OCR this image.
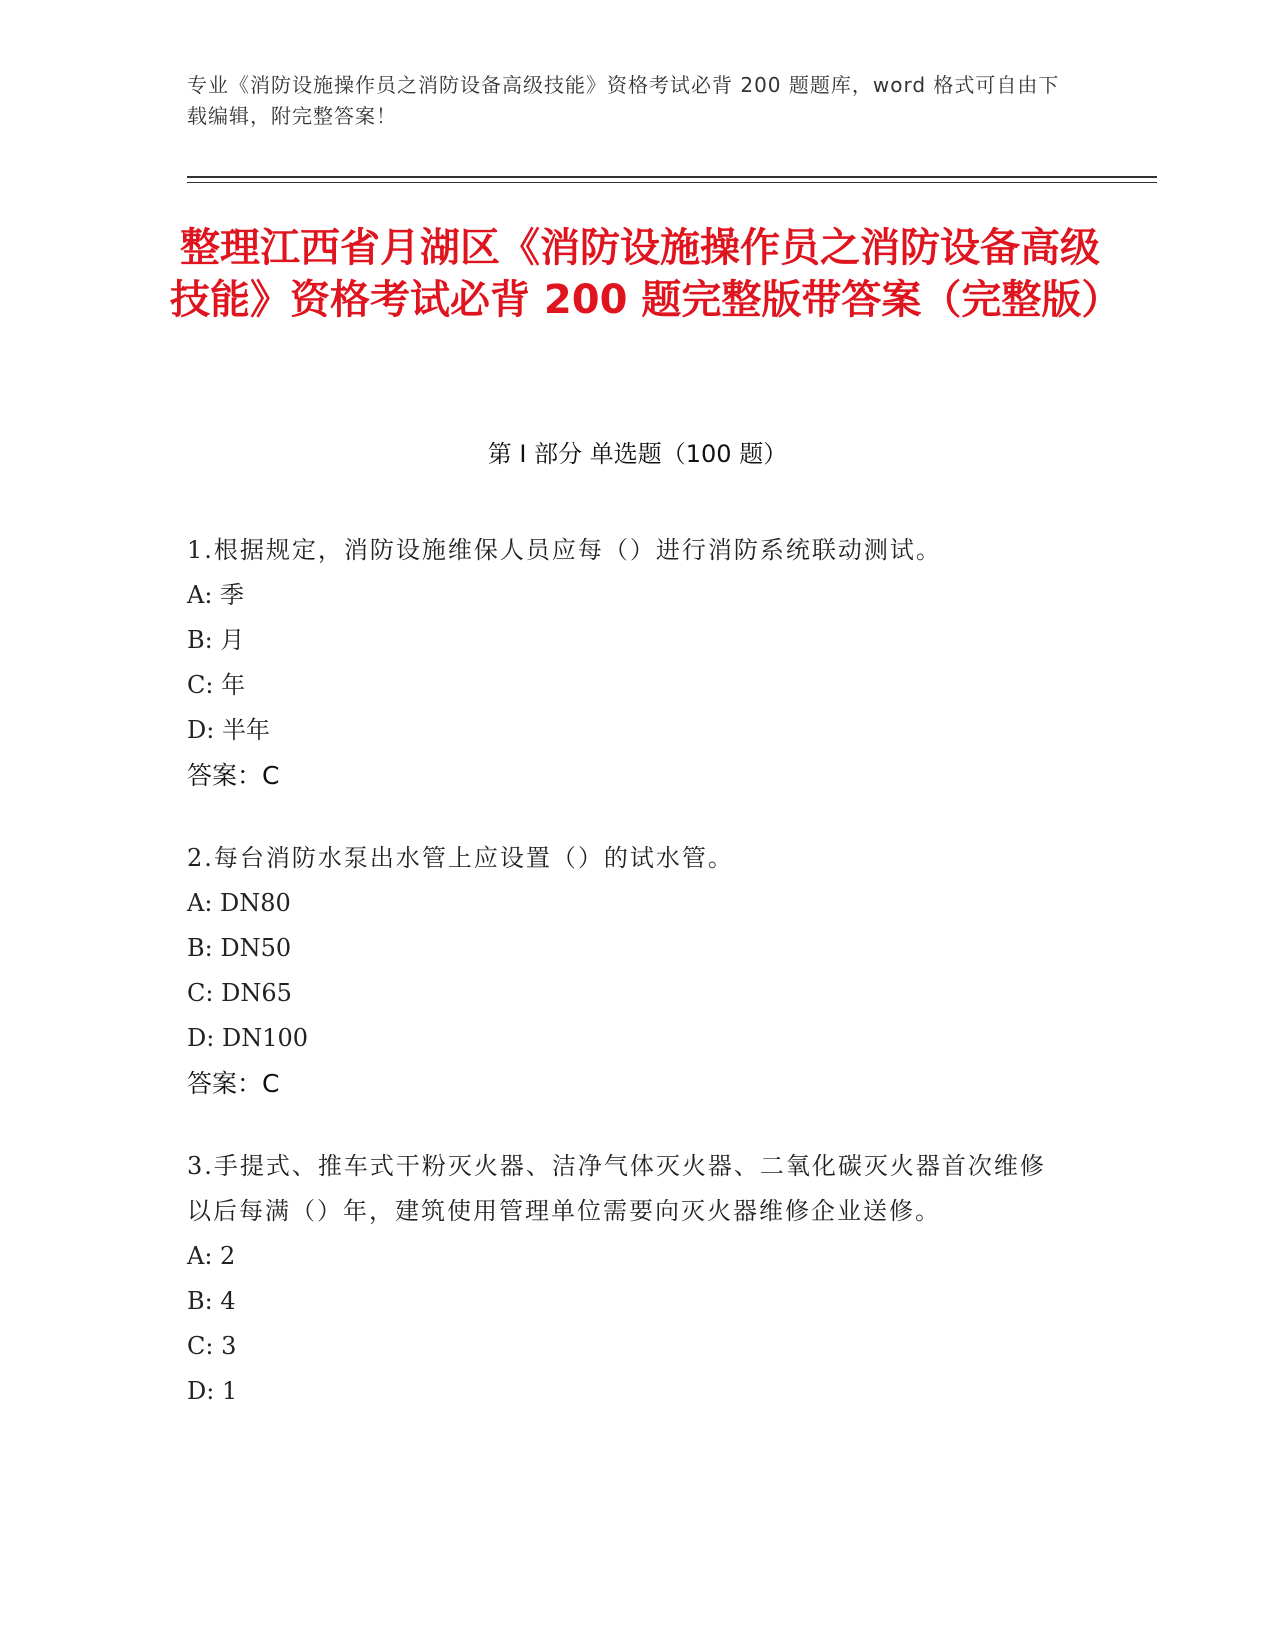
专业《消防设施操作员之消防设备高级技能》资格考试必背 200 题题库，word 格式可自由下载编辑，附完整答案！
整理江西省月湖区《消防设施操作员之消防设备高级技能》资格考试必背 200 题完整版带答案（完整版）
第 I 部分 单选题（100 题）
1.根据规定，消防设施维保人员应每（）进行消防系统联动测试。
A: 季
B: 月
C: 年
D: 半年
答案：C
2.每台消防水泵出水管上应设置（）的试水管。
A: DN80
B: DN50
C: DN65
D: DN100
答案：C
3.手提式、推车式干粉灭火器、洁净气体灭火器、二氧化碳灭火器首次维修以后每满（）年，建筑使用管理单位需要向灭火器维修企业送修。
A: 2
B: 4
C: 3
D: 1
